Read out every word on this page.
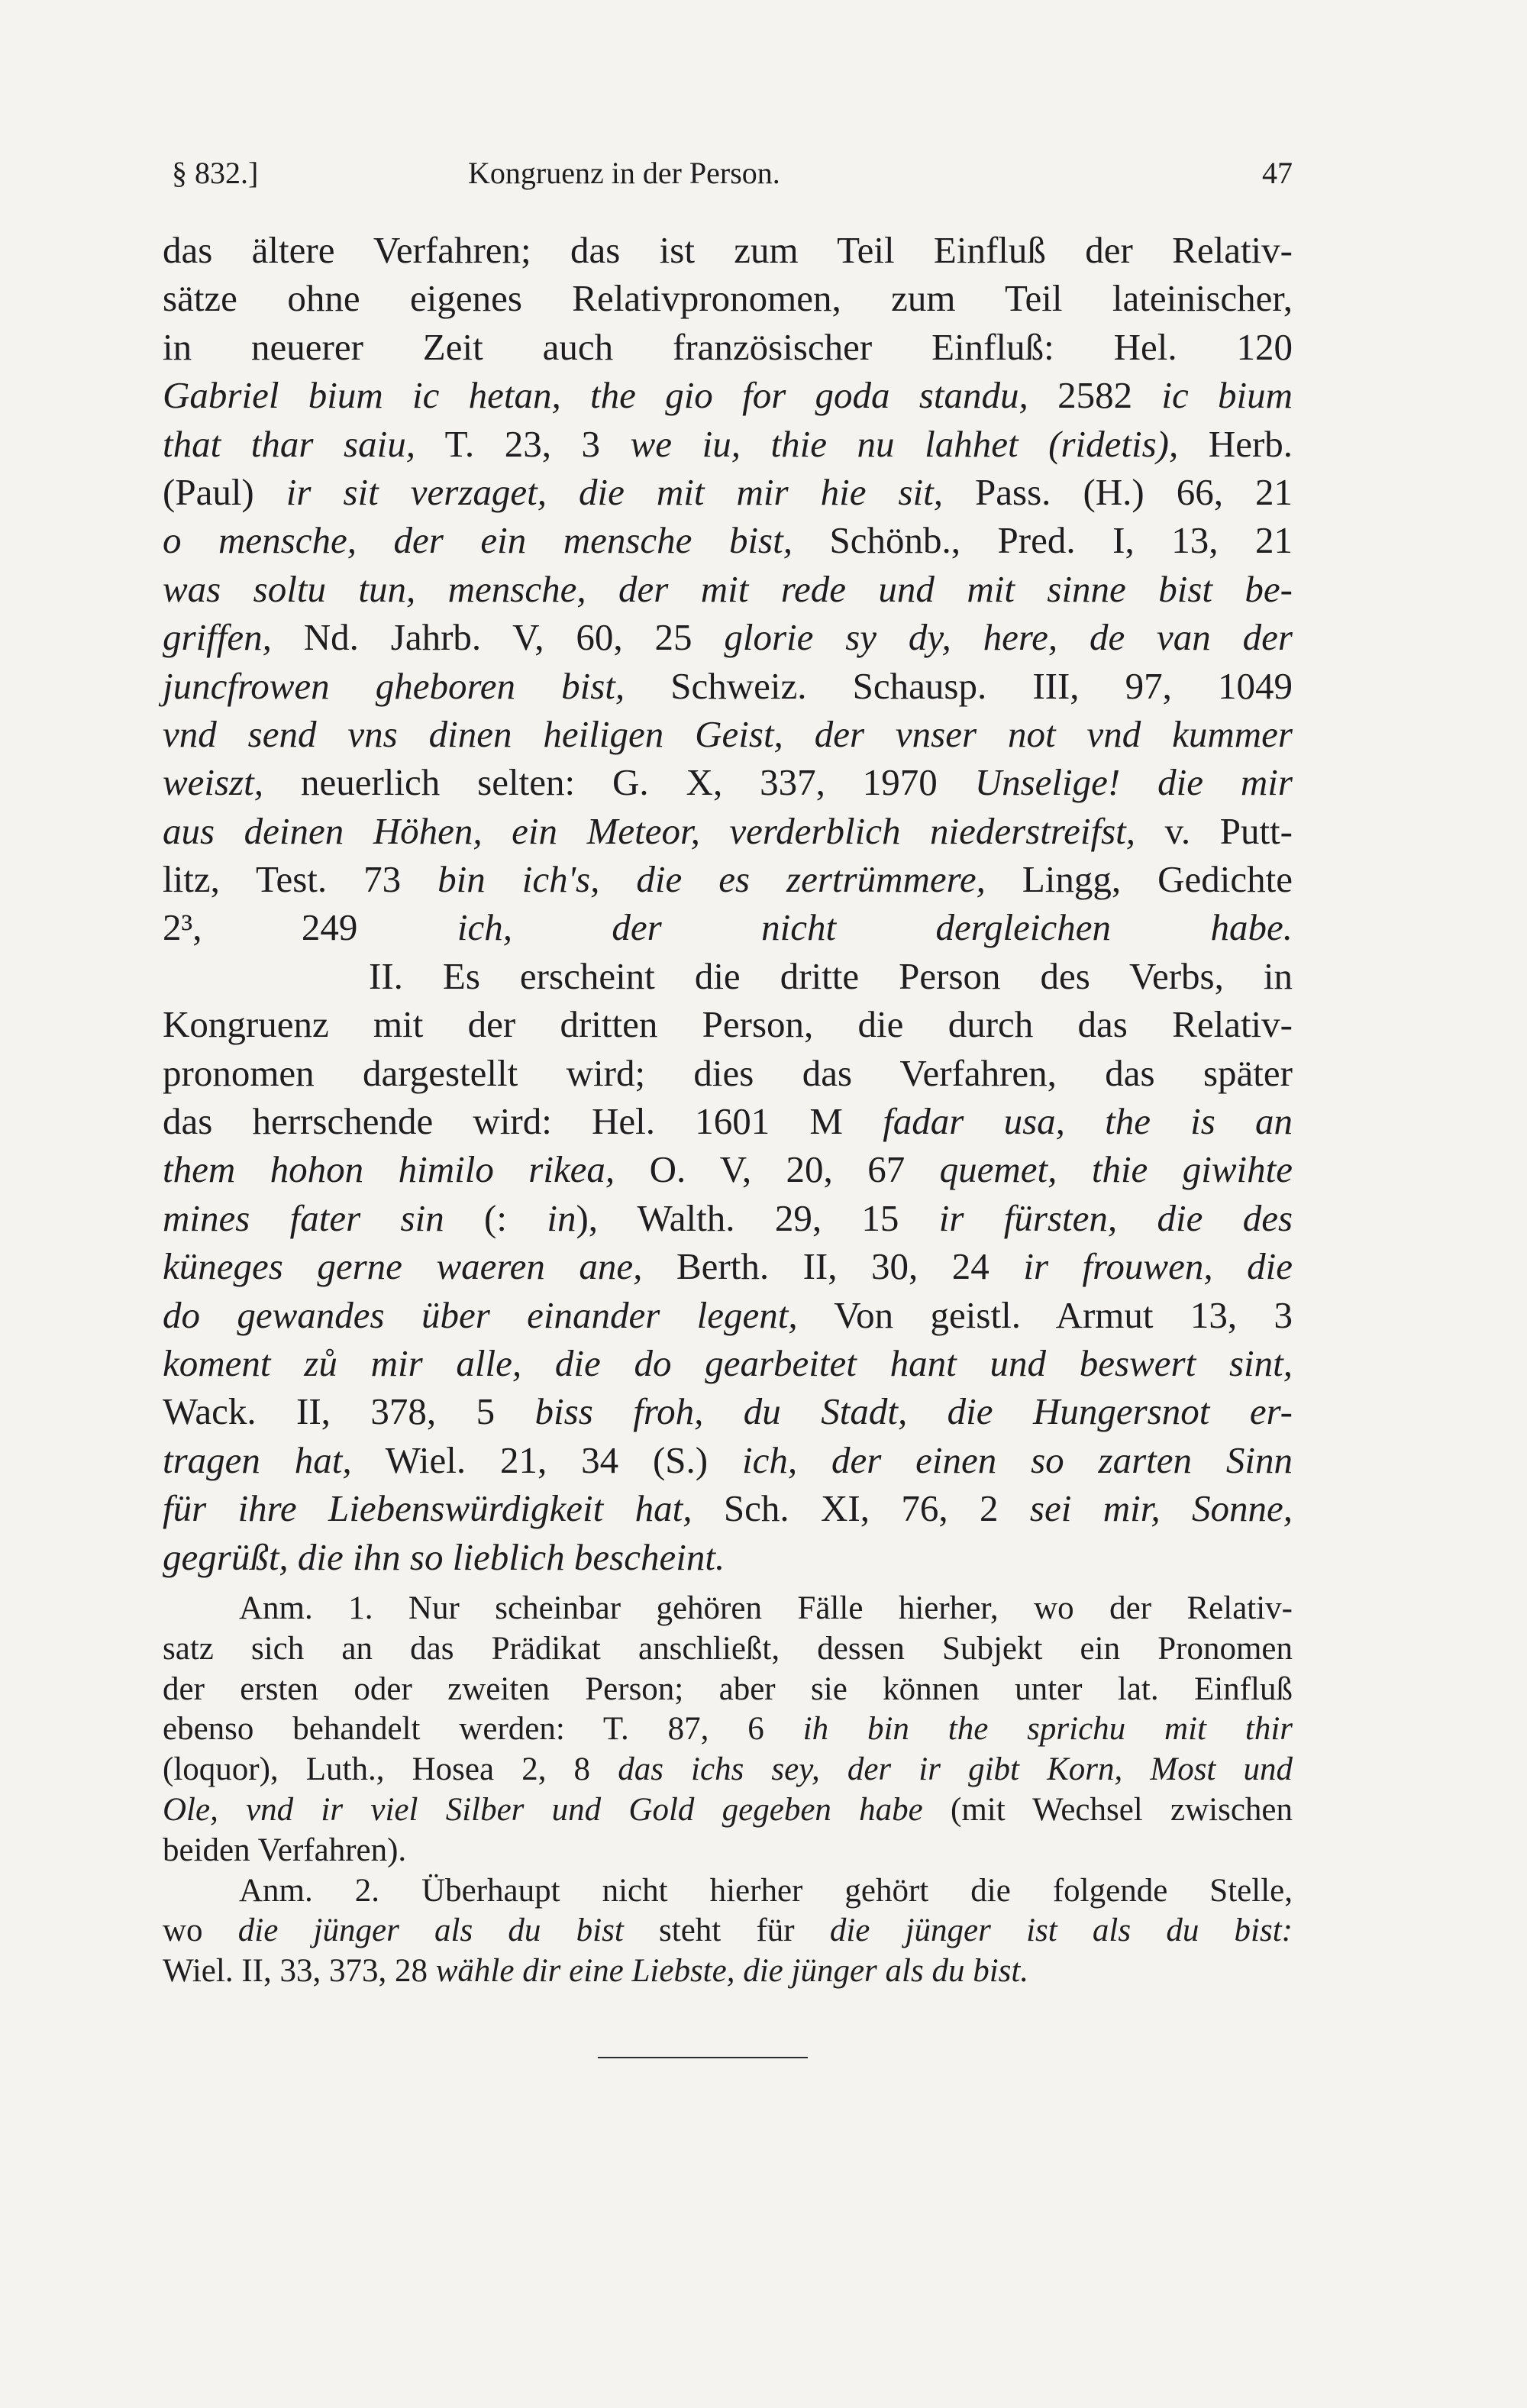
§ 832.]	Kongruenz in der Person.	47
das ältere Verfahren; das ist zum Teil Einfluß der Relativ-
sätze ohne eigenes Relativpronomen, zum Teil lateinischer,
in neuerer Zeit auch französischer Einfluß: Hel. 120
Gabriel bium ic hetan, the gio for goda standu, 2582 ic bium
that thar saiu, T. 23, 3 we iu, thie nu lahhet (ridetis), Herb.
(Paul) ir sit verzaget, die mit mir hie sit, Pass. (H.) 66, 21
o mensche, der ein mensche bist, Schönb., Pred. I, 13, 21
was soltu tun, mensche, der mit rede und mit sinne bist be-
griffen, Nd. Jahrb. V, 60, 25 glorie sy dy, here, de van der
juncfrowen gheboren bist, Schweiz. Schausp. III, 97, 1049
vnd send vns dinen heiligen Geist, der vnser not vnd kummer
weiszt, neuerlich selten: G. X, 337, 1970 Unselige! die mir
aus deinen Höhen, ein Meteor, verderblich niederstreifst, v. Putt-
litz, Test. 73 bin ich's, die es zertrümmere, Lingg, Gedichte
2³, 249 ich, der nicht dergleichen habe.
II. Es erscheint die dritte Person des Verbs, in
Kongruenz mit der dritten Person, die durch das Relativ-
pronomen dargestellt wird; dies das Verfahren, das später
das herrschende wird: Hel. 1601 M fadar usa, the is an
them hohon himilo rikea, O. V, 20, 67 quemet, thie giwihte
mines fater sin (: in), Walth. 29, 15 ir fürsten, die des
küneges gerne waeren ane, Berth. II, 30, 24 ir frouwen, die
do gewandes über einander legent, Von geistl. Armut 13, 3
koment zů mir alle, die do gearbeitet hant und beswert sint,
Wack. II, 378, 5 biss froh, du Stadt, die Hungersnot er-
tragen hat, Wiel. 21, 34 (S.) ich, der einen so zarten Sinn
für ihre Liebenswürdigkeit hat, Sch. XI, 76, 2 sei mir, Sonne,
gegrüßt, die ihn so lieblich bescheint.
Anm. 1. Nur scheinbar gehören Fälle hierher, wo der Relativ-
satz sich an das Prädikat anschließt, dessen Subjekt ein Pronomen
der ersten oder zweiten Person; aber sie können unter lat. Einfluß
ebenso behandelt werden: T. 87, 6 ih bin the sprichu mit thir
(loquor), Luth., Hosea 2, 8 das ichs sey, der ir gibt Korn, Most und
Ole, vnd ir viel Silber und Gold gegeben habe (mit Wechsel zwischen
beiden Verfahren).
Anm. 2. Überhaupt nicht hierher gehört die folgende Stelle,
wo die jünger als du bist steht für die jünger ist als du bist:
Wiel. II, 33, 373, 28 wähle dir eine Liebste, die jünger als du bist.
